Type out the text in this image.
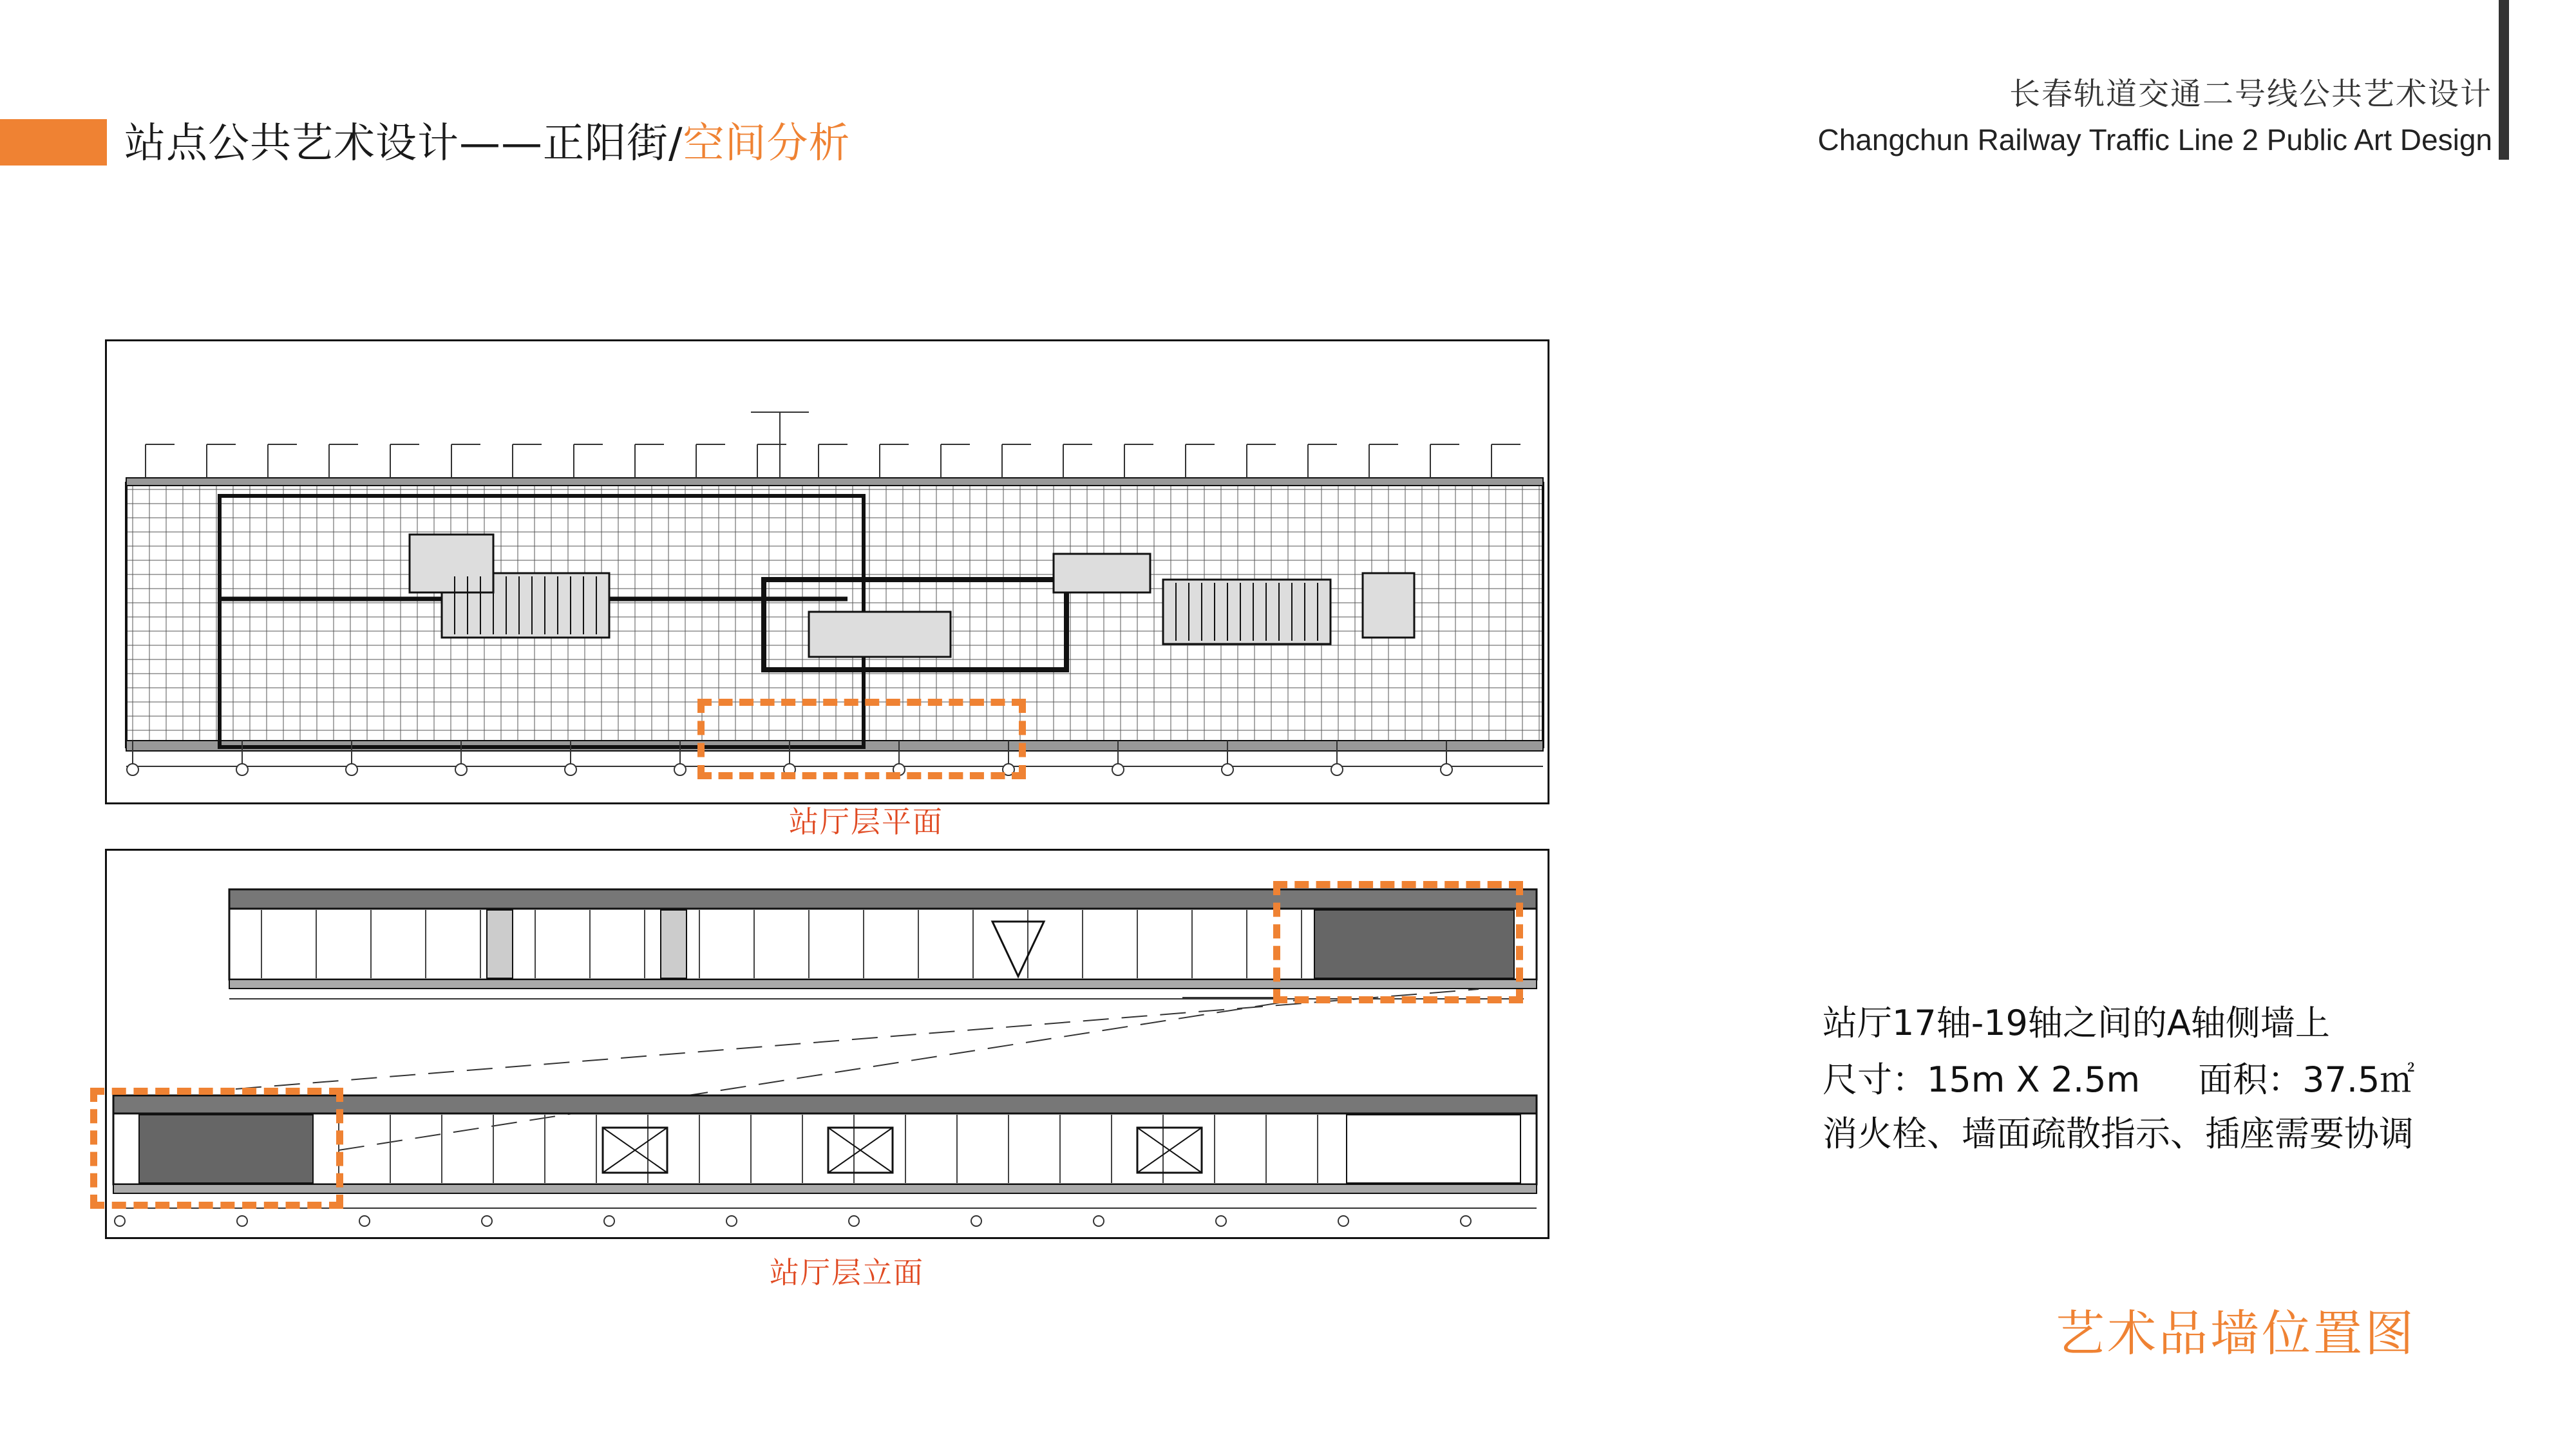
站点公共艺术设计——正阳街/空间分析
长春轨道交通二号线公共艺术设计
Changchun Railway Traffic Line 2 Public Art Design
站厅层平面
站厅层立面
站厅17轴-19轴之间的A轴侧墙上
尺寸：15m X 2.5m 面积：37.5㎡
消火栓、墙面疏散指示、插座需要协调
艺术品墙位置图
